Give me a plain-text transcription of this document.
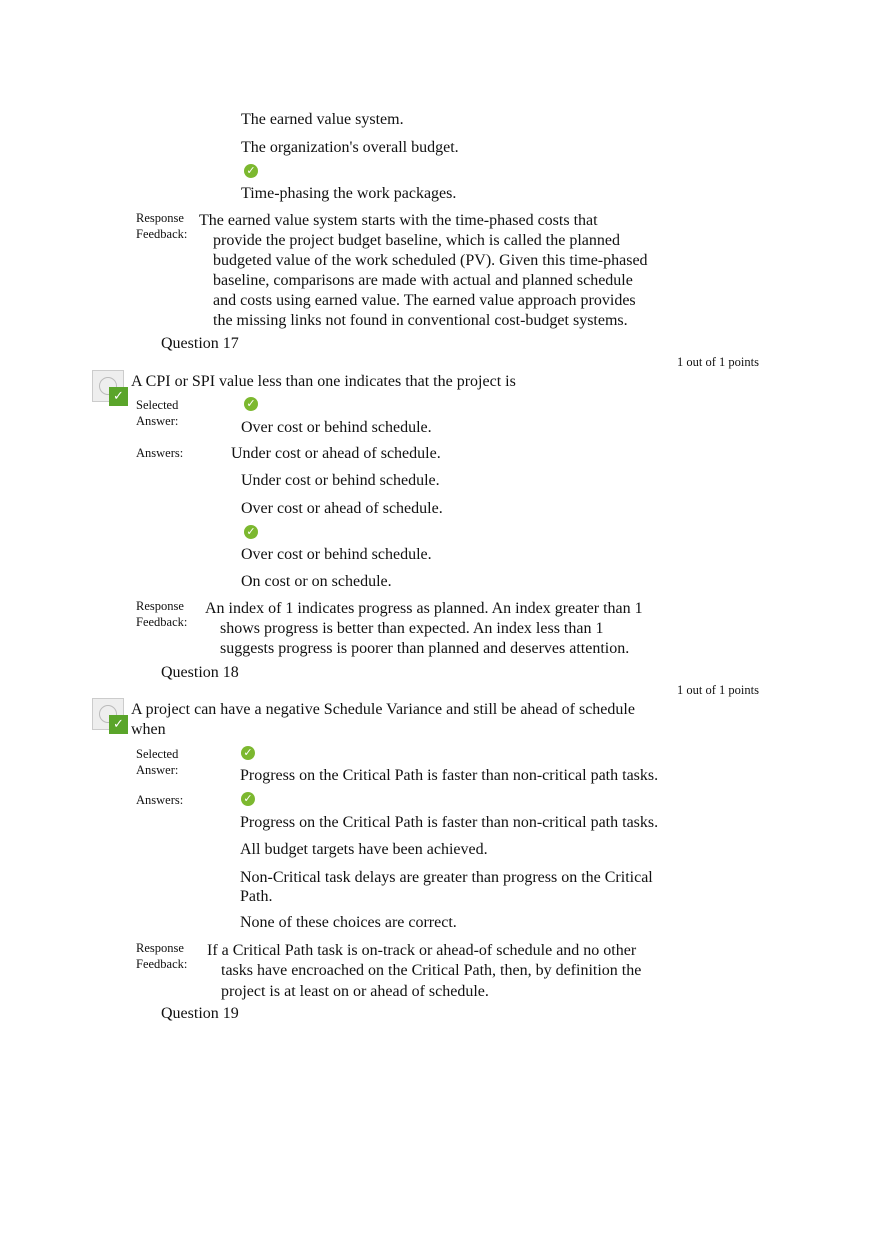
The earned value system.
The organization's overall budget.
✓
Time-phasing the work packages.
Response
Feedback:
The earned value system starts with the time-phased costs that
provide the project budget baseline, which is called the planned
budgeted value of the work scheduled (PV). Given this time-phased
baseline, comparisons are made with actual and planned schedule
and costs using earned value. The earned value approach provides
the missing links not found in conventional cost-budget systems.
Question 17
1 out of 1 points
✓
A CPI or SPI value less than one indicates that the project is
Selected
Answer:
✓
Over cost or behind schedule.
Answers:	Under cost or ahead of schedule.
Under cost or behind schedule.
Over cost or ahead of schedule.
✓
Over cost or behind schedule.
On cost or on schedule.
Response
Feedback:
An index of 1 indicates progress as planned. An index greater than 1
shows progress is better than expected. An index less than 1
suggests progress is poorer than planned and deserves attention.
Question 18
1 out of 1 points
✓
A project can have a negative Schedule Variance and still be ahead of schedule
when
Selected
Answer:
✓
Progress on the Critical Path is faster than non-critical path tasks.
Answers:	✓
Progress on the Critical Path is faster than non-critical path tasks.
All budget targets have been achieved.
Non-Critical task delays are greater than progress on the Critical
Path.
None of these choices are correct.
Response
Feedback:
If a Critical Path task is on-track or ahead-of schedule and no other
tasks have encroached on the Critical Path, then, by definition the
project is at least on or ahead of schedule.
Question 19
